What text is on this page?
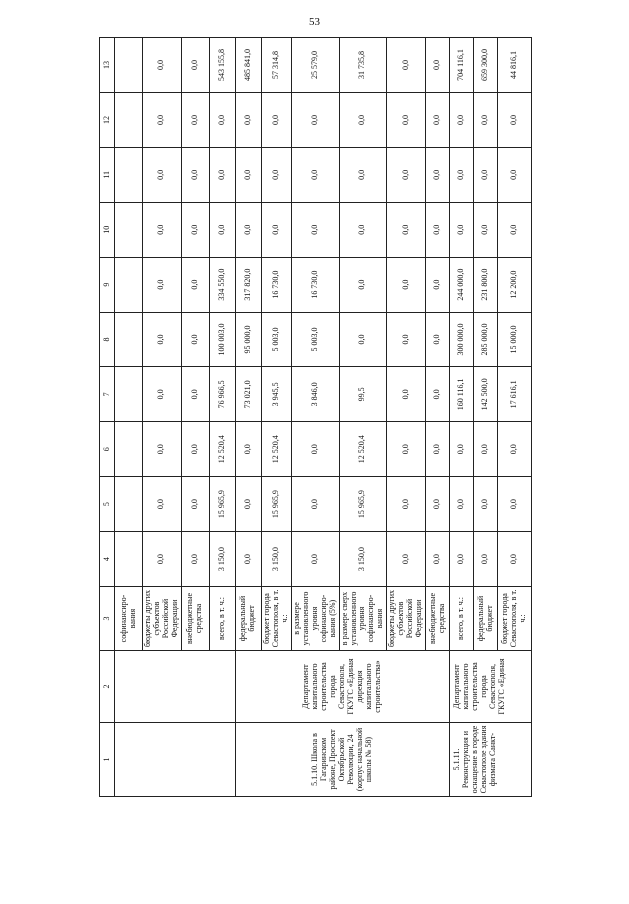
53
1	2	3	4	5	6	7	8	9	10	11	12	13
		софинансиро-вания										
		бюджеты других субъектов Российской Федерации	0,0	0,0	0,0	0,0	0,0	0,0	0,0	0,0	0,0	0,0
		внебюджетные средства	0,0	0,0	0,0	0,0	0,0	0,0	0,0	0,0	0,0	0,0
		всего, в т. ч.:	3 150,0	15 965,9	12 520,4	76 966,5	100 003,0	334 550,0	0,0	0,0	0,0	543 155,8
5.1.10. Школа в Гагаринском районе, Проспект Октябрьской Революции, 24 (корпус начальной школы № 58)	Департамент капитального строительства города Севастополя, ГКУГС «Единая дирекция капитального строительства»	федеральный бюджет	0,0	0,0	0,0	73 021,0	95 000,0	317 820,0	0,0	0,0	0,0	485 841,0
		бюджет города Севастополя, в т. ч.:	3 150,0	15 965,9	12 520,4	3 945,5	5 003,0	16 730,0	0,0	0,0	0,0	57 314,8
		в размере установленного уровня софинансиро-вания (5%)	0,0	0,0	0,0	3 846,0	5 003,0	16 730,0	0,0	0,0	0,0	25 579,0
		в размере сверх установленного уровня софинансиро-вания	3 150,0	15 965,9	12 520,4	99,5	0,0	0,0	0,0	0,0	0,0	31 735,8
		бюджеты других субъектов Российской Федерации	0,0	0,0	0,0	0,0	0,0	0,0	0,0	0,0	0,0	0,0
		внебюджетные средства	0,0	0,0	0,0	0,0	0,0	0,0	0,0	0,0	0,0	0,0
5.1.11. Реконструкция и оснащение в городе Севастополе здания физмата Санкт-	Департамент капитального строительства города Севастополя, ГКУГС «Единая	всего, в т. ч.:	0,0	0,0	0,0	160 116,1	300 000,0	244 000,0	0,0	0,0	0,0	704 116,1
		федеральный бюджет	0,0	0,0	0,0	142 500,0	285 000,0	231 800,0	0,0	0,0	0,0	659 300,0
		бюджет города Севастополя, в т. ч.:	0,0	0,0	0,0	17 616,1	15 000,0	12 200,0	0,0	0,0	0,0	44 816,1
